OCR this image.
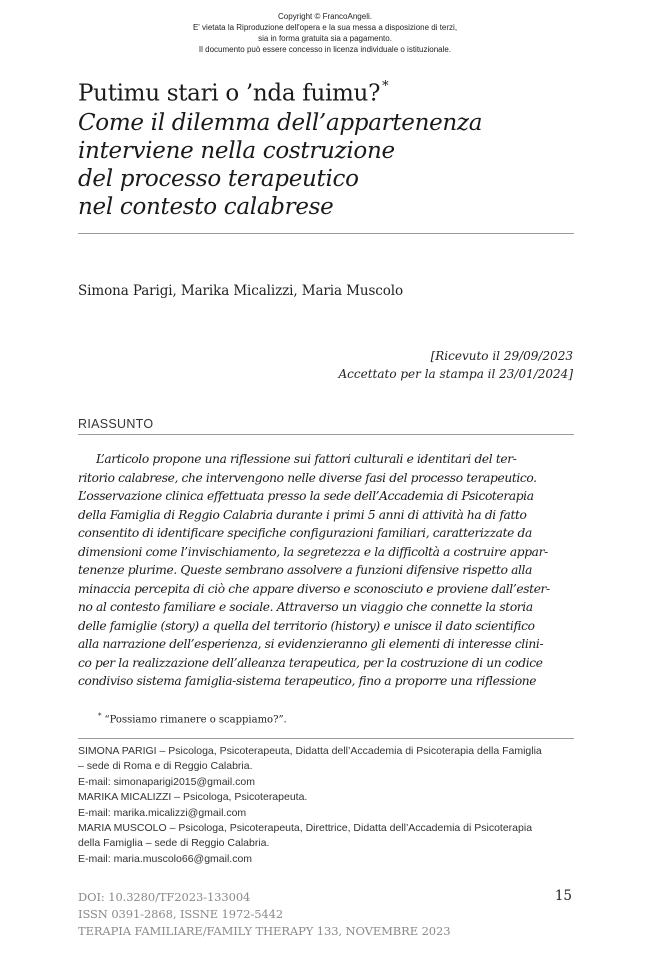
Copyright © FrancoAngeli.
E' vietata la Riproduzione dell'opera e la sua messa a disposizione di terzi,
sia in forma gratuita sia a pagamento.
Il documento può essere concesso in licenza individuale o istituzionale.
Putimu stari o ’nda fuimu? *
Come il dilemma dell’appartenenza
interviene nella costruzione
del processo terapeutico
nel contesto calabrese
Simona Parigi, Marika Micalizzi, Maria Muscolo
[Ricevuto il 29/09/2023
Accettato per la stampa il 23/01/2024]
RIASSUNTO
L’articolo propone una riflessione sui fattori culturali e identitari del ter-
ritorio calabrese, che intervengono nelle diverse fasi del processo terapeutico.
L’osservazione clinica effettuata presso la sede dell’Accademia di Psicoterapia
della Famiglia di Reggio Calabria durante i primi 5 anni di attività ha di fatto
consentito di identificare specifiche configurazioni familiari, caratterizzate da
dimensioni come l’invischiamento, la segretezza e la difficoltà a costruire appar-
tenenze plurime. Queste sembrano assolvere a funzioni difensive rispetto alla
minaccia percepita di ciò che appare diverso e sconosciuto e proviene dall’ester-
no al contesto familiare e sociale. Attraverso un viaggio che connette la storia
delle famiglie (story) a quella del territorio (history) e unisce il dato scientifico
alla narrazione dell’esperienza, si evidenzieranno gli elementi di interesse clini-
co per la realizzazione dell’alleanza terapeutica, per la costruzione di un codice
condiviso sistema famiglia-sistema terapeutico, fino a proporre una riflessione
* “Possiamo rimanere o scappiamo?”.
SIMONA PARIGI – Psicologa, Psicoterapeuta, Didatta dell’Accademia di Psicoterapia della Famiglia
– sede di Roma e di Reggio Calabria.
E-mail: simonaparigi2015@gmail.com
MARIKA MICALIZZI – Psicologa, Psicoterapeuta.
E-mail: marika.micalizzi@gmail.com
MARIA MUSCOLO – Psicologa, Psicoterapeuta, Direttrice, Didatta dell’Accademia di Psicoterapia
della Famiglia – sede di Reggio Calabria.
E-mail: maria.muscolo66@gmail.com
DOI: 10.3280/TF2023-133004
ISSN 0391-2868, ISSNE 1972-5442
TERAPIA FAMILIARE/FAMILY THERAPY 133, NOVEMBRE 2023
15
